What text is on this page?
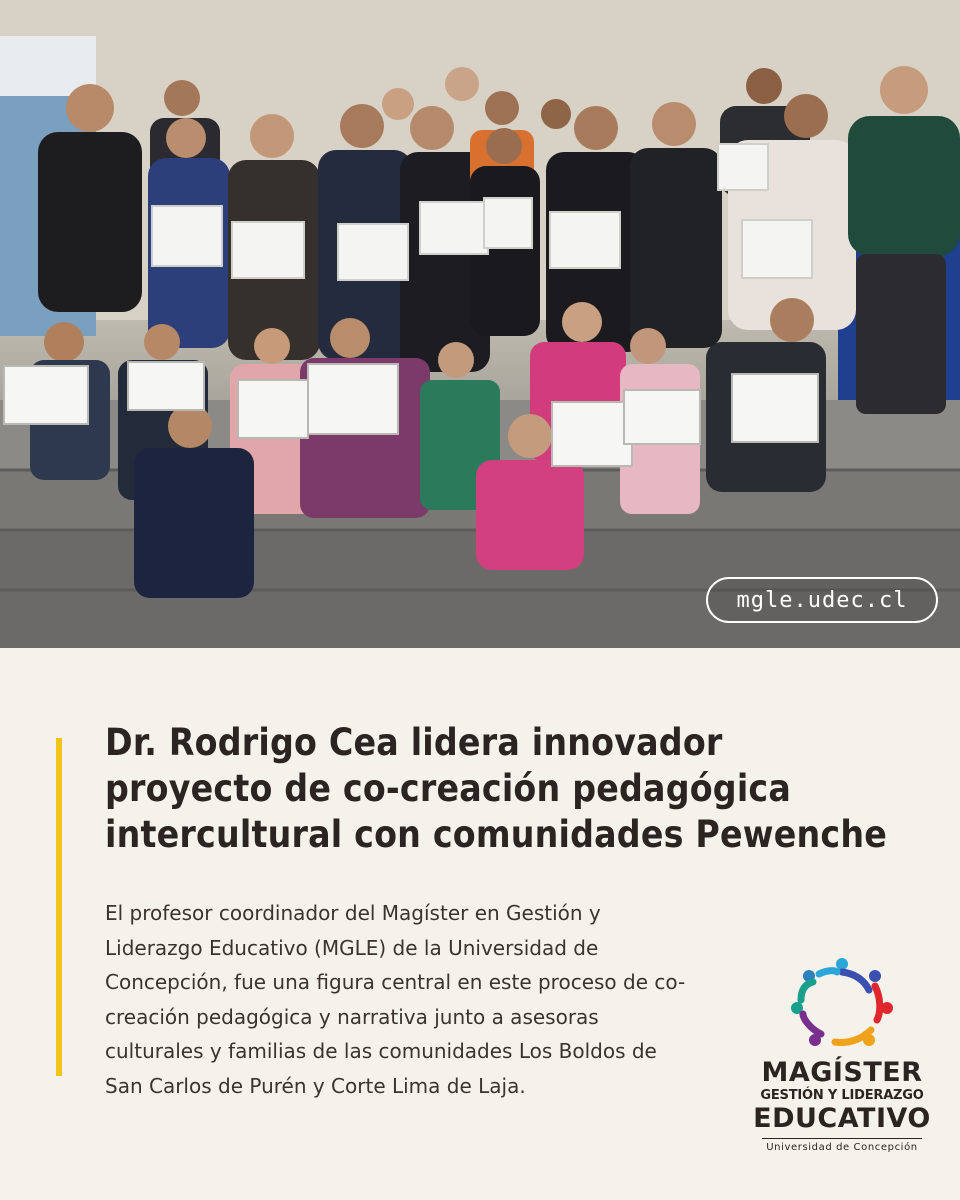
mgle.udec.cl
Dr. Rodrigo Cea lidera innovador
proyecto de co-creación pedagógica
intercultural con comunidades Pewenche

El profesor coordinador del Magíster en Gestión y Liderazgo Educativo (MGLE) de la Universidad de Concepción, fue una figura central en este proceso de co-creación pedagógica y narrativa junto a asesoras culturales y familias de las comunidades Los Boldos de San Carlos de Purén y Corte Lima de Laja.	MAGÍSTER
GESTIÓN Y LIDERAZGO
EDUCATIVO
Universidad de Concepción
